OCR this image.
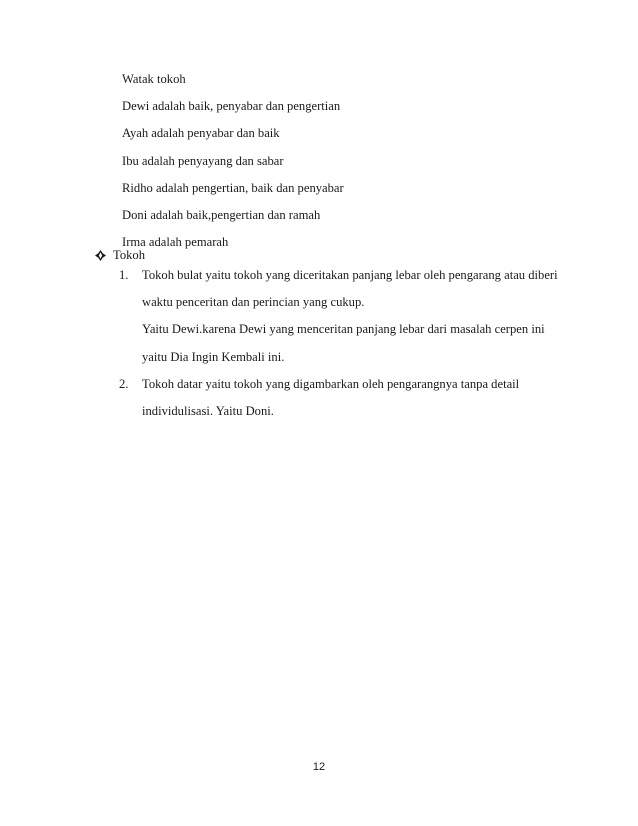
Watak tokoh
Dewi adalah baik, penyabar dan pengertian
Ayah adalah penyabar dan baik
Ibu adalah penyayang dan sabar
Ridho adalah pengertian, baik dan penyabar
Doni adalah baik,pengertian dan ramah
Irma adalah pemarah
Tokoh
1. Tokoh bulat yaitu tokoh yang diceritakan panjang lebar oleh pengarang atau diberi
waktu penceritan dan perincian yang cukup.
Yaitu Dewi.karena Dewi yang menceritan panjang lebar dari masalah cerpen ini
yaitu Dia Ingin Kembali ini.
2. Tokoh datar yaitu tokoh yang digambarkan oleh pengarangnya tanpa detail
individulisasi. Yaitu Doni.
12
